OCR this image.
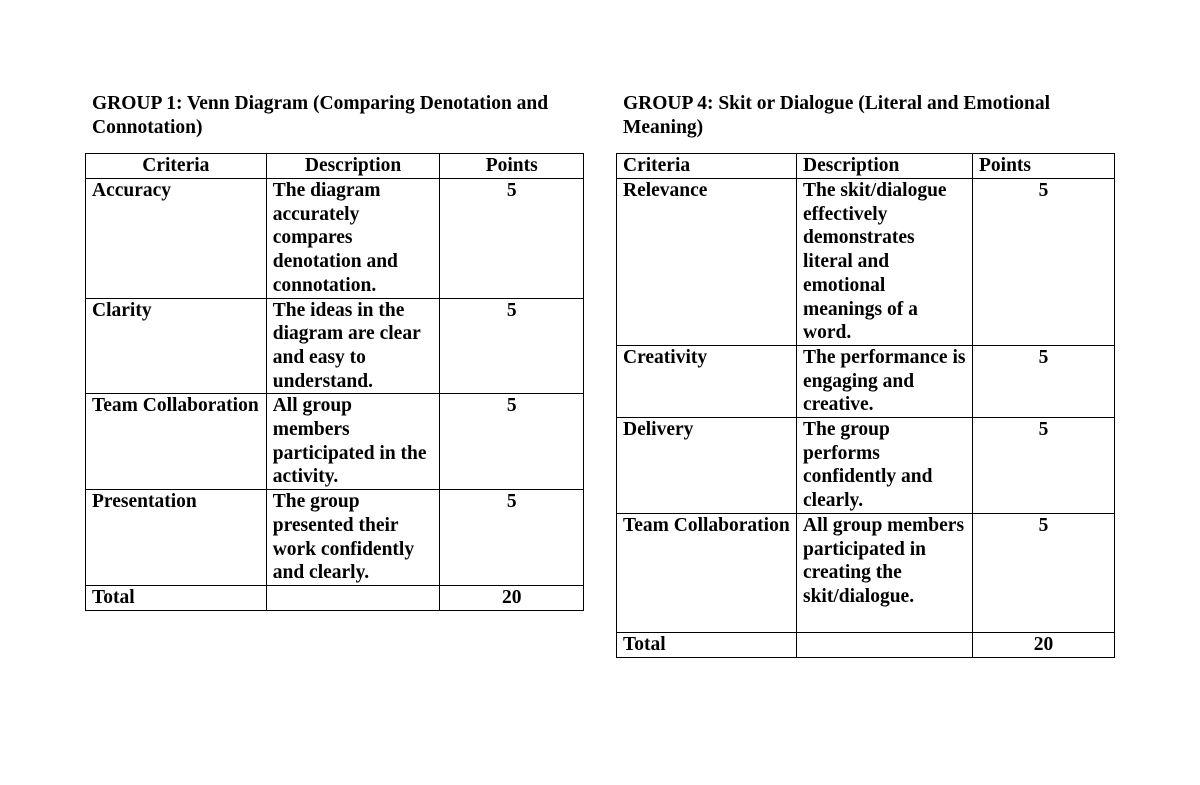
GROUP 1: Venn Diagram (Comparing Denotation and Connotation)
Criteria	Description	Points
Accuracy	The diagram accurately compares denotation and connotation.	5
Clarity	The ideas in the diagram are clear and easy to understand.	5
Team Collaboration	All group members participated in the activity.	5
Presentation	The group presented their work confidently and clearly.	5
Total		20
GROUP 4: Skit or Dialogue (Literal and Emotional Meaning)
Criteria	Description	Points
Relevance	The skit/dialogue effectively demonstrates literal and emotional meanings of a word.	5
Creativity	The performance is engaging and creative.	5
Delivery	The group performs confidently and clearly.	5
Team Collaboration	All group members participated in creating the skit/dialogue.	5
Total		20
